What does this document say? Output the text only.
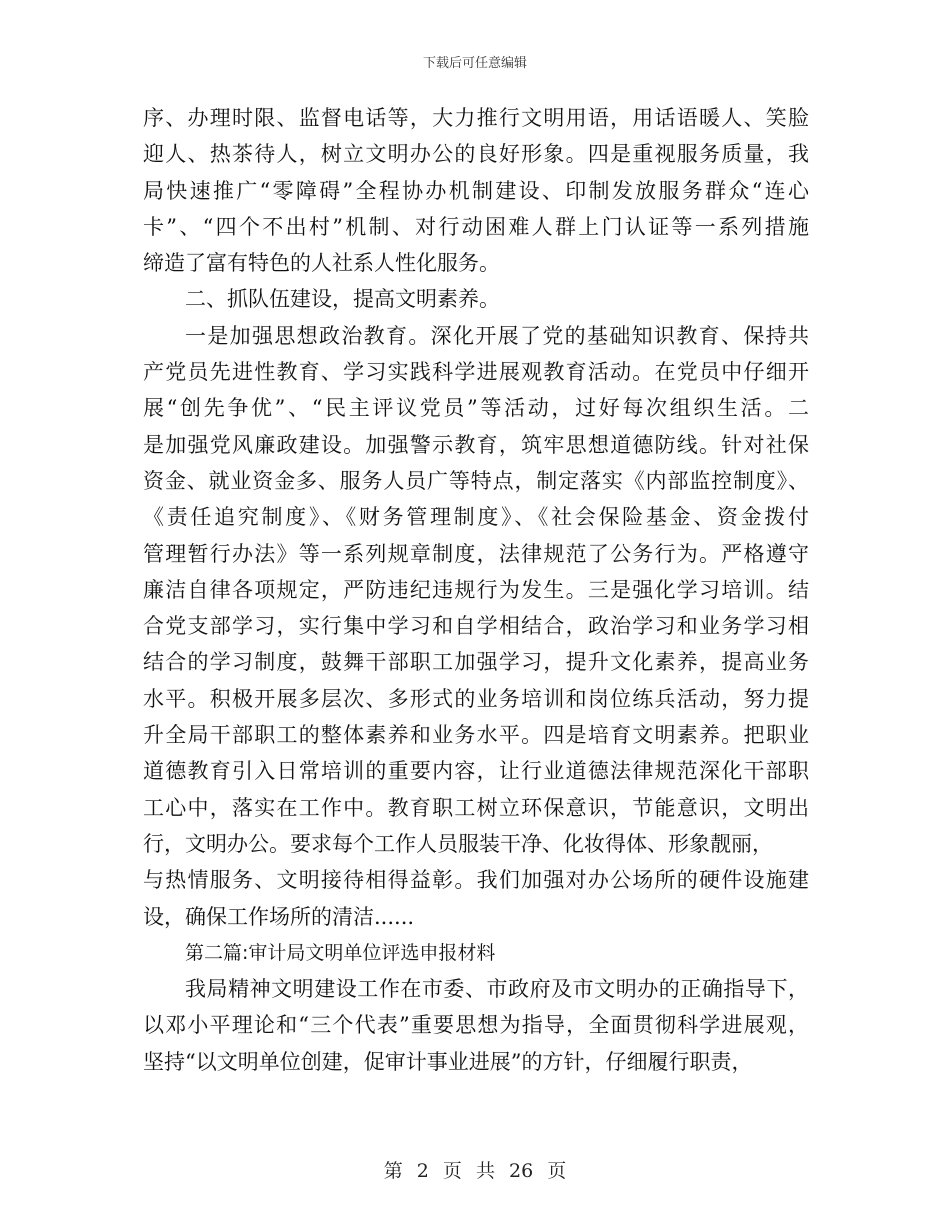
下载后可任意编辑
序、办理时限、监督电话等，大力推行文明用语，用话语暖人、笑脸
迎人、热茶待人，树立文明办公的良好形象。四是重视服务质量，我
局快速推广“零障碍”全程协办机制建设、印制发放服务群众“连心
卡”、“四个不出村”机制、对行动困难人群上门认证等一系列措施
缔造了富有特色的人社系人性化服务。
二、抓队伍建设，提高文明素养。
一是加强思想政治教育。深化开展了党的基础知识教育、保持共
产党员先进性教育、学习实践科学进展观教育活动。在党员中仔细开
展“创先争优”、“民主评议党员”等活动，过好每次组织生活。二
是加强党风廉政建设。加强警示教育，筑牢思想道德防线。针对社保
资金、就业资金多、服务人员广等特点，制定落实《内部监控制度》、
《责任追究制度》、《财务管理制度》、《社会保险基金、资金拨付
管理暂行办法》等一系列规章制度，法律规范了公务行为。严格遵守
廉洁自律各项规定，严防违纪违规行为发生。三是强化学习培训。结
合党支部学习，实行集中学习和自学相结合，政治学习和业务学习相
结合的学习制度，鼓舞干部职工加强学习，提升文化素养，提高业务
水平。积极开展多层次、多形式的业务培训和岗位练兵活动，努力提
升全局干部职工的整体素养和业务水平。四是培育文明素养。把职业
道德教育引入日常培训的重要内容，让行业道德法律规范深化干部职
工心中，落实在工作中。教育职工树立环保意识，节能意识，文明出
行，文明办公。要求每个工作人员服装干净、化妆得体、形象靓丽，
与热情服务、文明接待相得益彰。我们加强对办公场所的硬件设施建
设，确保工作场所的清洁......
第二篇:审计局文明单位评选申报材料
我局精神文明建设工作在市委、市政府及市文明办的正确指导下，
以邓小平理论和“三个代表”重要思想为指导，全面贯彻科学进展观，
坚持“以文明单位创建，促审计事业进展”的方针，仔细履行职责，
第 2 页 共 26 页
